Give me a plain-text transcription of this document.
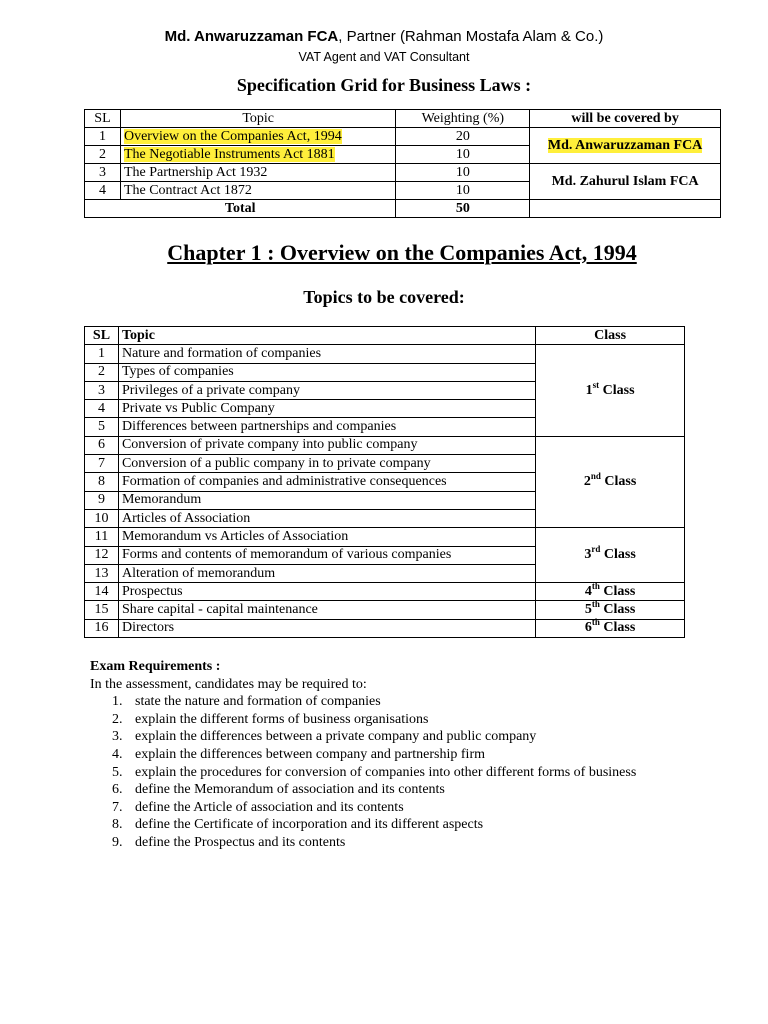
Md. Anwaruzzaman FCA, Partner (Rahman Mostafa Alam & Co.)
VAT Agent and VAT Consultant
Specification Grid for Business Laws :
SL	Topic	Weighting (%)	will be covered by
1	Overview on the Companies Act, 1994	20	Md. Anwaruzzaman FCA
2	The Negotiable Instruments Act 1881	10	
3	The Partnership Act 1932	10	Md. Zahurul Islam FCA
4	The Contract Act 1872	10	
Total		50	
Chapter 1 : Overview on the Companies Act, 1994
Topics to be covered:
SL	Topic	Class
1	Nature and formation of companies	1st Class
2	Types of companies	
3	Privileges of a private company	
4	Private vs Public Company	
5	Differences between partnerships and companies	
6	Conversion of private company into public company	2nd Class
7	Conversion of a public company in to private company	
8	Formation of companies and administrative consequences	
9	Memorandum	
10	Articles of Association	
11	Memorandum vs Articles of Association	3rd Class
12	Forms and contents of memorandum of various companies	
13	Alteration of memorandum	
14	Prospectus	4th Class
15	Share capital - capital maintenance	5th Class
16	Directors	6th Class
Exam Requirements :
In the assessment, candidates may be required to:
1. state the nature and formation of companies
2. explain the different forms of business organisations
3. explain the differences between a private company and public company
4. explain the differences between company and partnership firm
5. explain the procedures for conversion of companies into other different forms of business
6. define the Memorandum of association and its contents
7. define the Article of association and its contents
8. define the Certificate of incorporation and its different aspects
9. define the Prospectus and its contents
